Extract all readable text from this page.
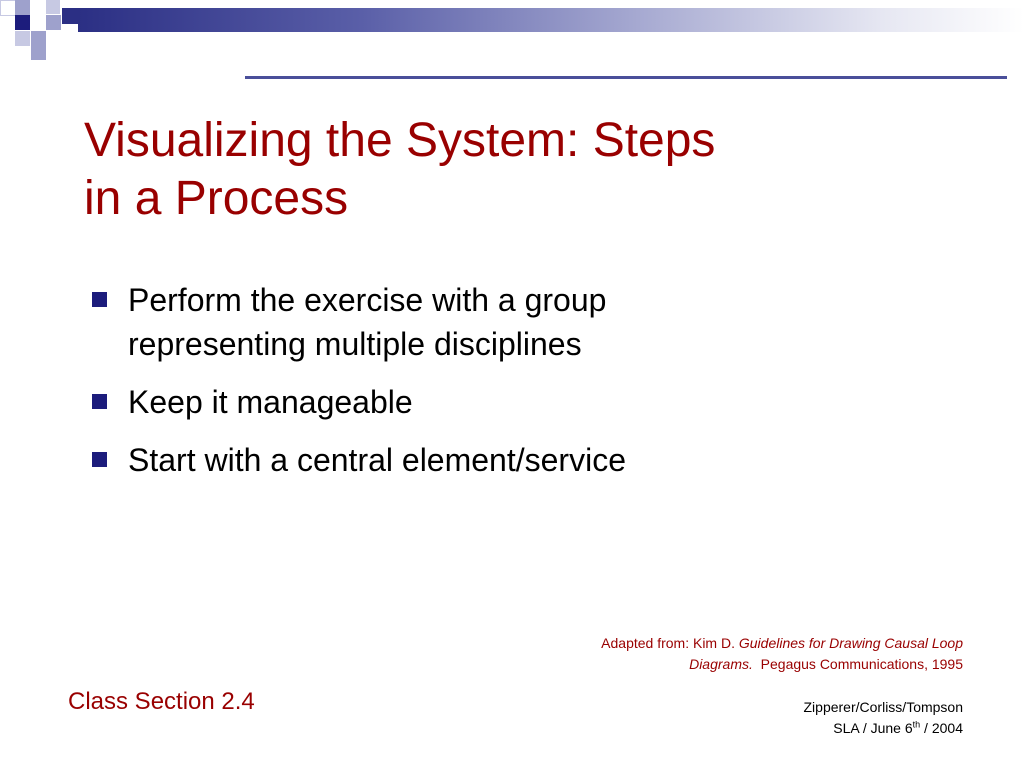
Visualizing the System: Steps
in a Process
Perform the exercise with a group
representing multiple disciplines
Keep it manageable
Start with a central element/service
Adapted from: Kim D. Guidelines for Drawing Causal Loop
Diagrams.  Pegagus Communications, 1995
Class Section 2.4	Zipperer/Corliss/Tompson
SLA / June 6th / 2004
